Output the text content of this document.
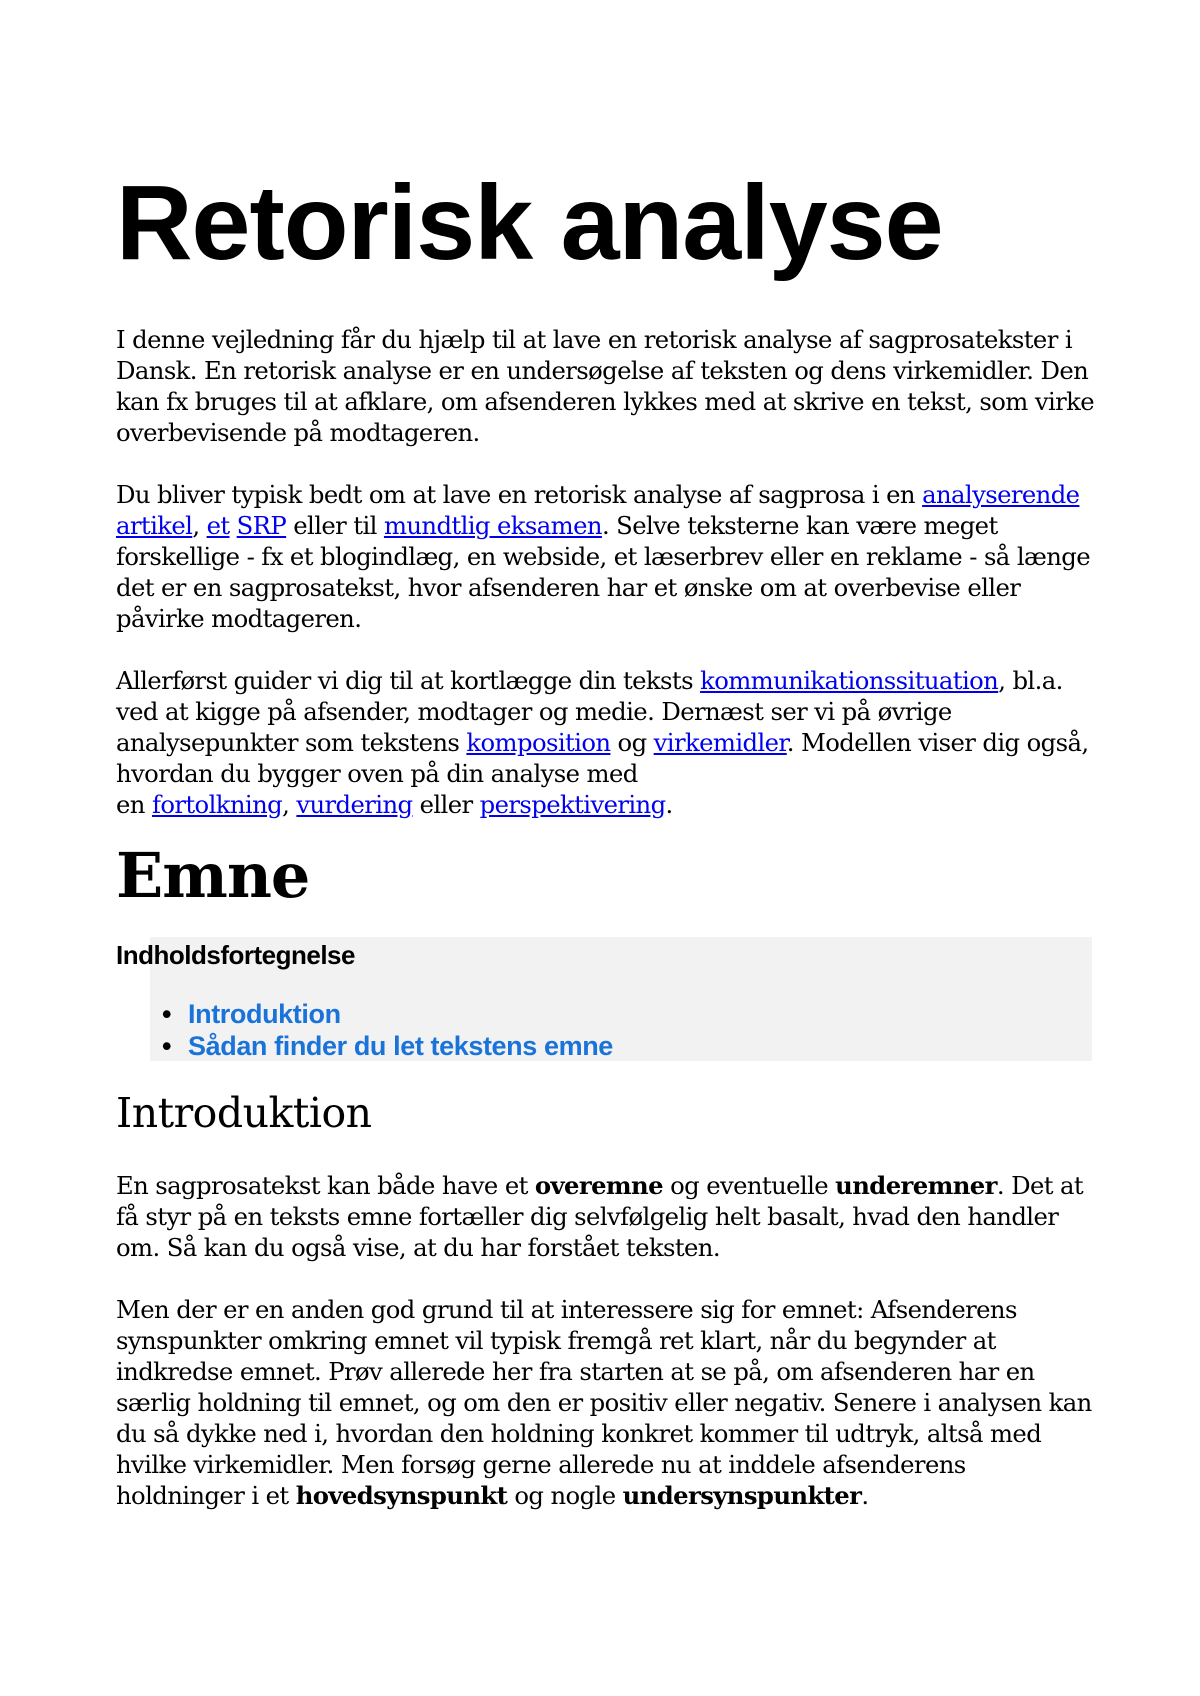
Retorisk analyse

I denne vejledning får du hjælp til at lave en retorisk analyse af sagprosatekster i Dansk. En retorisk analyse er en undersøgelse af teksten og dens virkemidler. Den kan fx bruges til at afklare, om afsenderen lykkes med at skrive en tekst, som virke overbevisende på modtageren.

Du bliver typisk bedt om at lave en retorisk analyse af sagprosa i en analyserende artikel, et SRP eller til mundtlig eksamen. Selve teksterne kan være meget forskellige - fx et blogindlæg, en webside, et læserbrev eller en reklame - så længe det er en sagprosatekst, hvor afsenderen har et ønske om at overbevise eller påvirke modtageren.

Allerførst guider vi dig til at kortlægge din teksts kommunikationssituation, bl.a. ved at kigge på afsender, modtager og medie. Dernæst ser vi på øvrige analysepunkter som tekstens komposition og virkemidler. Modellen viser dig også, hvordan du bygger oven på din analyse med
en fortolkning, vurdering eller perspektivering.

Emne
Indholdsfortegnelse
• Introduktion
• Sådan finder du let tekstens emne
Introduktion

En sagprosatekst kan både have et overemne og eventuelle underemner. Det at få styr på en teksts emne fortæller dig selvfølgelig helt basalt, hvad den handler om. Så kan du også vise, at du har forstået teksten.

Men der er en anden god grund til at interessere sig for emnet: Afsenderens synspunkter omkring emnet vil typisk fremgå ret klart, når du begynder at indkredse emnet. Prøv allerede her fra starten at se på, om afsenderen har en særlig holdning til emnet, og om den er positiv eller negativ. Senere i analysen kan du så dykke ned i, hvordan den holdning konkret kommer til udtryk, altså med hvilke virkemidler. Men forsøg gerne allerede nu at inddele afsenderens holdninger i et hovedsynspunkt og nogle undersynspunkter.
